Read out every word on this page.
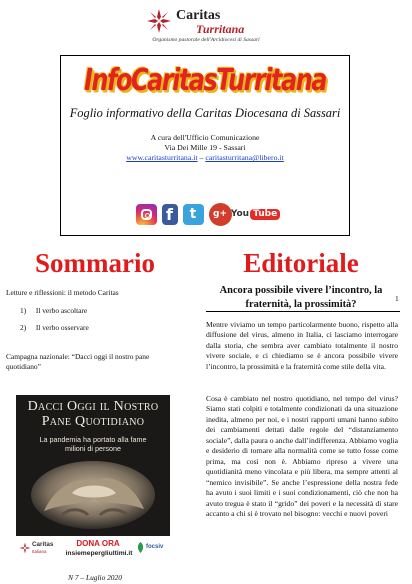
Caritas
Turritana
Organismo pastorale dell'Arcidiocesi di Sassari
InfoCaritasTurritana
Foglio informativo della Caritas Diocesana di Sassari
A cura dell'Ufficio Comunicazione
Via Dei Mille 19 - Sassari
www.caritasturritana.it – caritasturritana@libero.it
f	t	g+ You Tube
Sommario	Editoriale
Letture e riflessioni: il metodo Caritas
1) Il verbo ascoltare
2) Il verbo osservare
Campagna nazionale: “Dacci oggi il nostro pane quotidiano”
Dacci Oggi il Nostro
Pane Quotidiano
La pandemia ha portato alla fame
milioni di persone
Caritas
Italiana
DONA ORA
insiemepergliultimi.it
focsiv
N 7 – Luglio 2020
Ancora possibile vivere l’incontro, la
fraternità, la prossimità?
1
Mentre viviamo un tempo particolarmente buono, rispetto alla diffusione del virus, almeno in Italia, ci lasciamo interrogare dalla storia, che sembra aver cambiato totalmente il nostro vivere sociale, e ci chiediamo se è ancora possibile vivere l’incontro, la prossimità e la fraternità come stile della vita.
Cosa è cambiato nel nostro quotidiano, nel tempo del virus? Siamo stati colpiti e totalmente condizionati da una situazione inedita, almeno per noi, e i nostri rapporti umani hanno subito dei cambiamenti dettati dalle regole del “distanziamento sociale”, dalla paura o anche dall’indifferenza. Abbiamo voglia e desiderio di tornare alla normalità come se tutto fosse come prima, ma così non è. Abbiamo ripreso a vivere una quotidianità meno vincolata e più libera, ma sempre attenti al “nemico invisibile”. Se anche l’espressione della nostra fede ha avuto i suoi limiti e i suoi condizionamenti, ciò che non ha avuto tregua è stato il “grido” dei poveri e la necessità di stare accanto a chi si è trovato nel bisogno: vecchi e nuovi poveri
